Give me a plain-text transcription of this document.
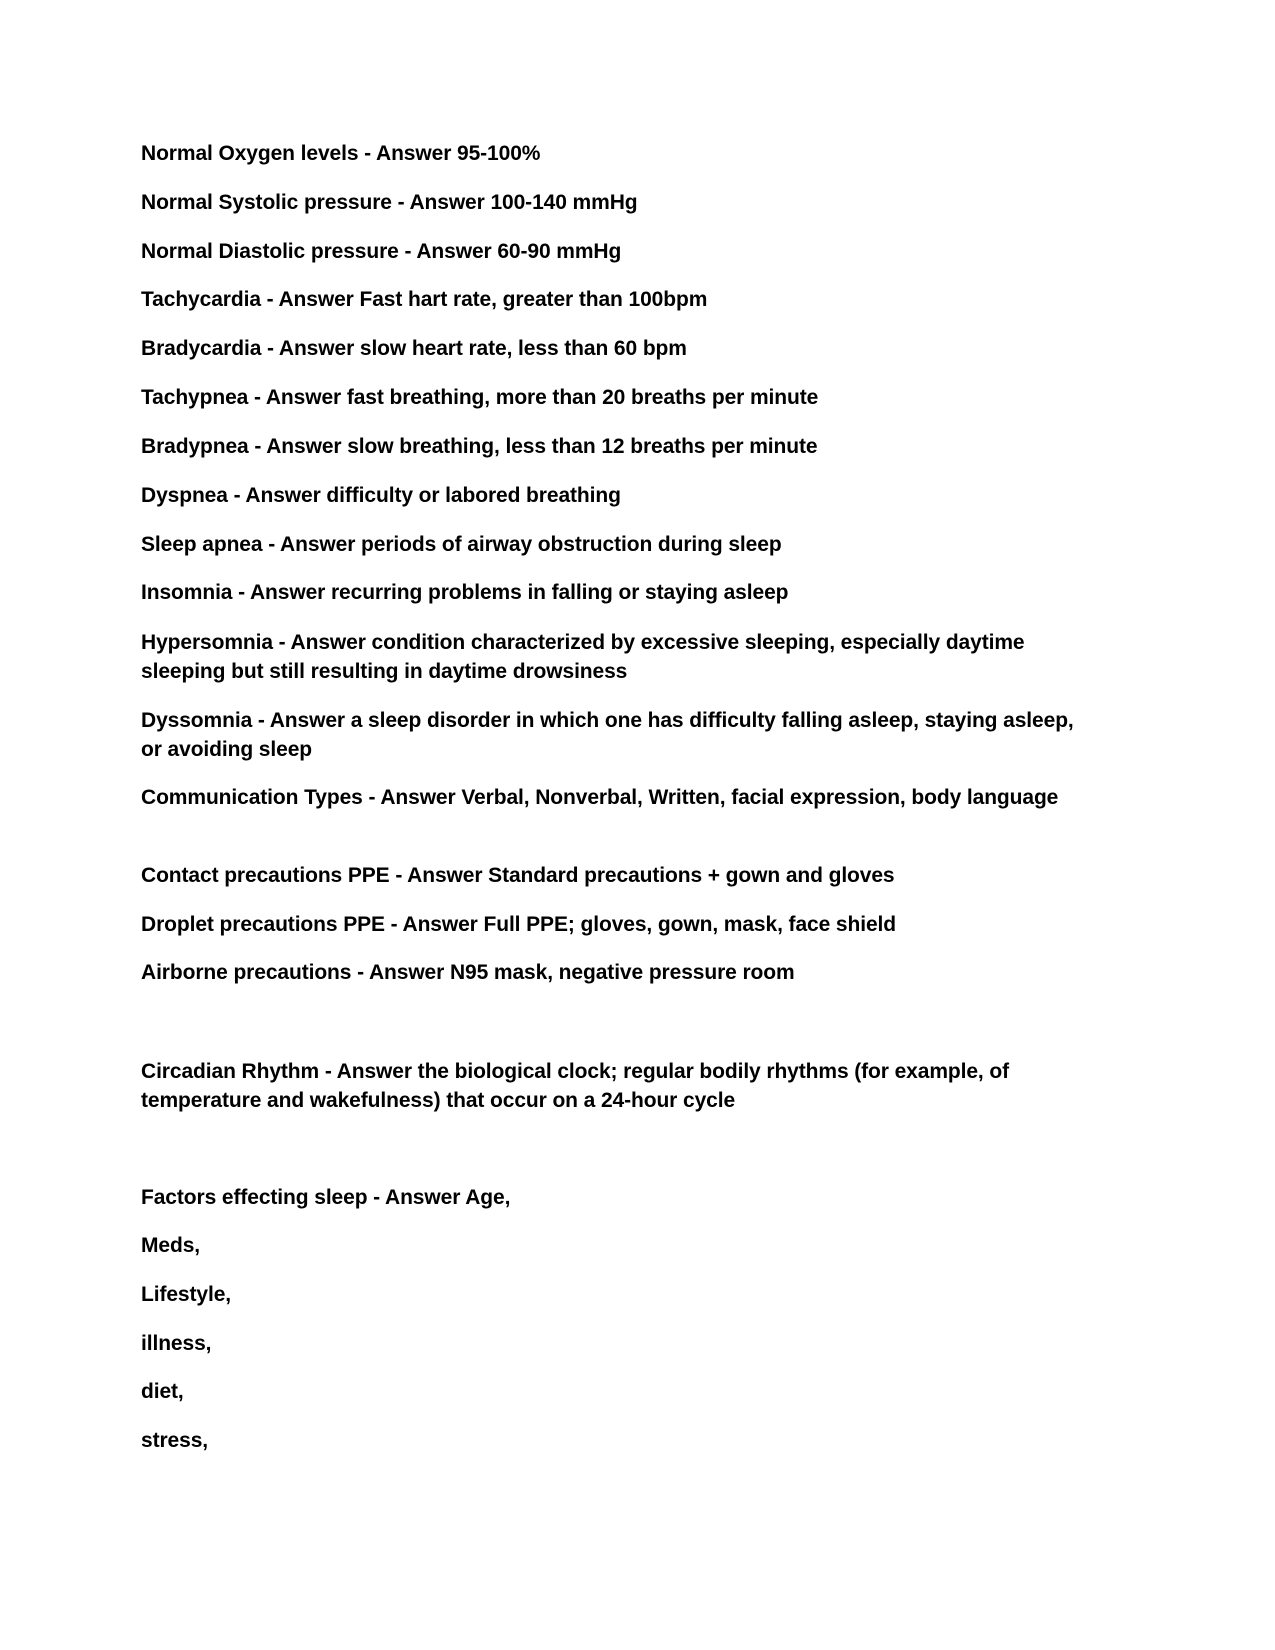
Normal Oxygen levels - Answer 95-100%

Normal Systolic pressure - Answer 100-140 mmHg

Normal Diastolic pressure - Answer 60-90 mmHg

Tachycardia - Answer Fast hart rate, greater than 100bpm

Bradycardia - Answer slow heart rate, less than 60 bpm

Tachypnea - Answer fast breathing, more than 20 breaths per minute

Bradypnea - Answer slow breathing, less than 12 breaths per minute

Dyspnea - Answer difficulty or labored breathing

Sleep apnea - Answer periods of airway obstruction during sleep

Insomnia - Answer recurring problems in falling or staying asleep

Hypersomnia - Answer condition characterized by excessive sleeping, especially daytime sleeping but still resulting in daytime drowsiness

Dyssomnia - Answer a sleep disorder in which one has difficulty falling asleep, staying asleep, or avoiding sleep

Communication Types - Answer Verbal, Nonverbal, Written, facial expression, body language

Contact precautions PPE - Answer Standard precautions + gown and gloves

Droplet precautions PPE - Answer Full PPE; gloves, gown, mask, face shield

Airborne precautions - Answer N95 mask, negative pressure room

Circadian Rhythm - Answer the biological clock; regular bodily rhythms (for example, of temperature and wakefulness) that occur on a 24-hour cycle

Factors effecting sleep - Answer Age,

Meds,

Lifestyle,

illness,

diet,

stress,
